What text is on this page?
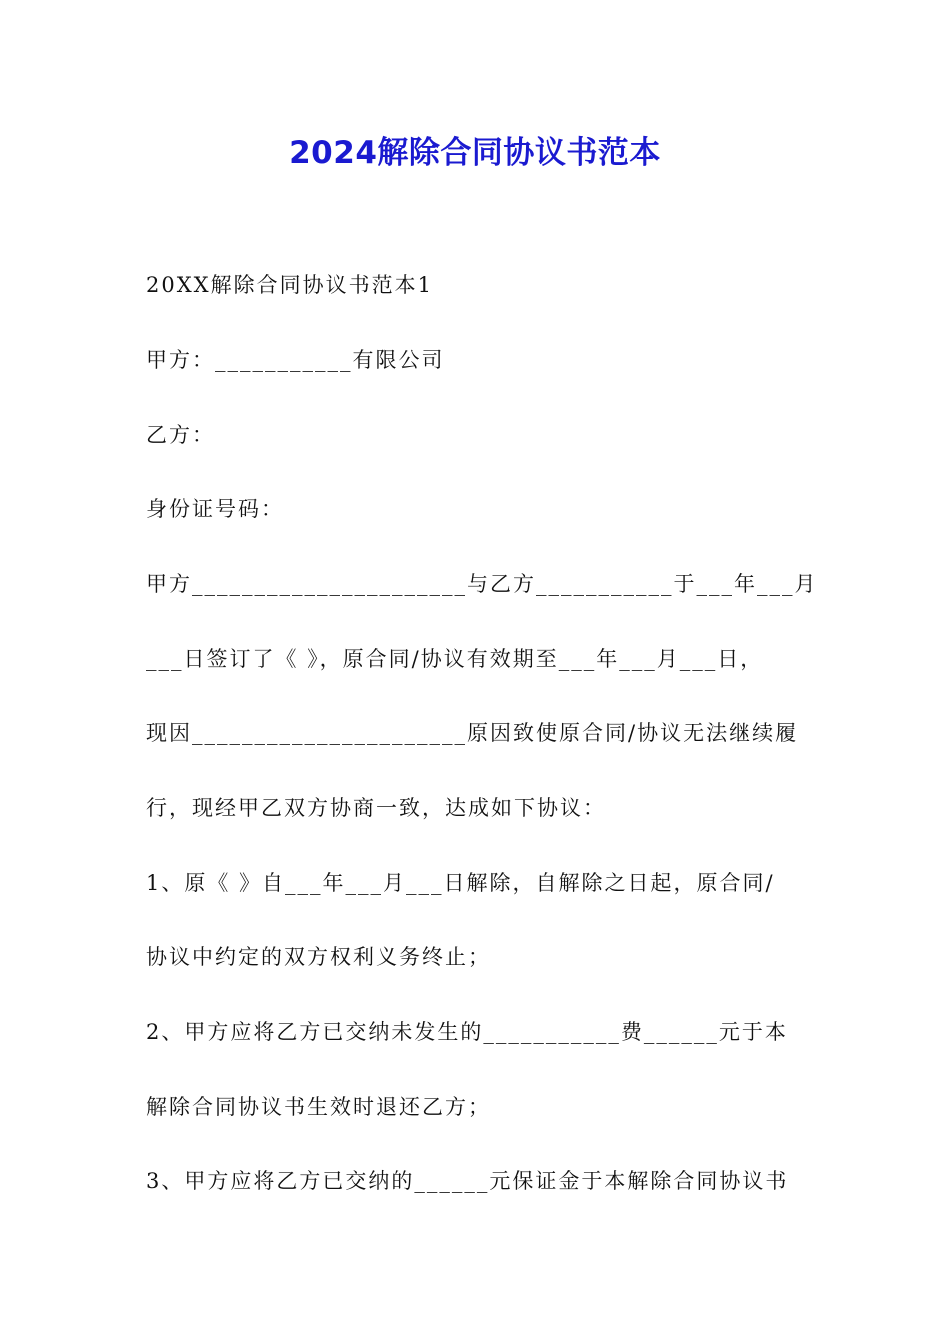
2024解除合同协议书范本
20XX解除合同协议书范本1
甲方：___________有限公司
乙方：
身份证号码：
甲方______________________与乙方___________于___年___月
___日签订了《 》，原合同/协议有效期至___年___月___日，
现因______________________原因致使原合同/协议无法继续履
行，现经甲乙双方协商一致，达成如下协议：
1、原《 》自___年___月___日解除，自解除之日起，原合同/
协议中约定的双方权利义务终止；
2、甲方应将乙方已交纳未发生的___________费______元于本
解除合同协议书生效时退还乙方；
3、甲方应将乙方已交纳的______元保证金于本解除合同协议书
